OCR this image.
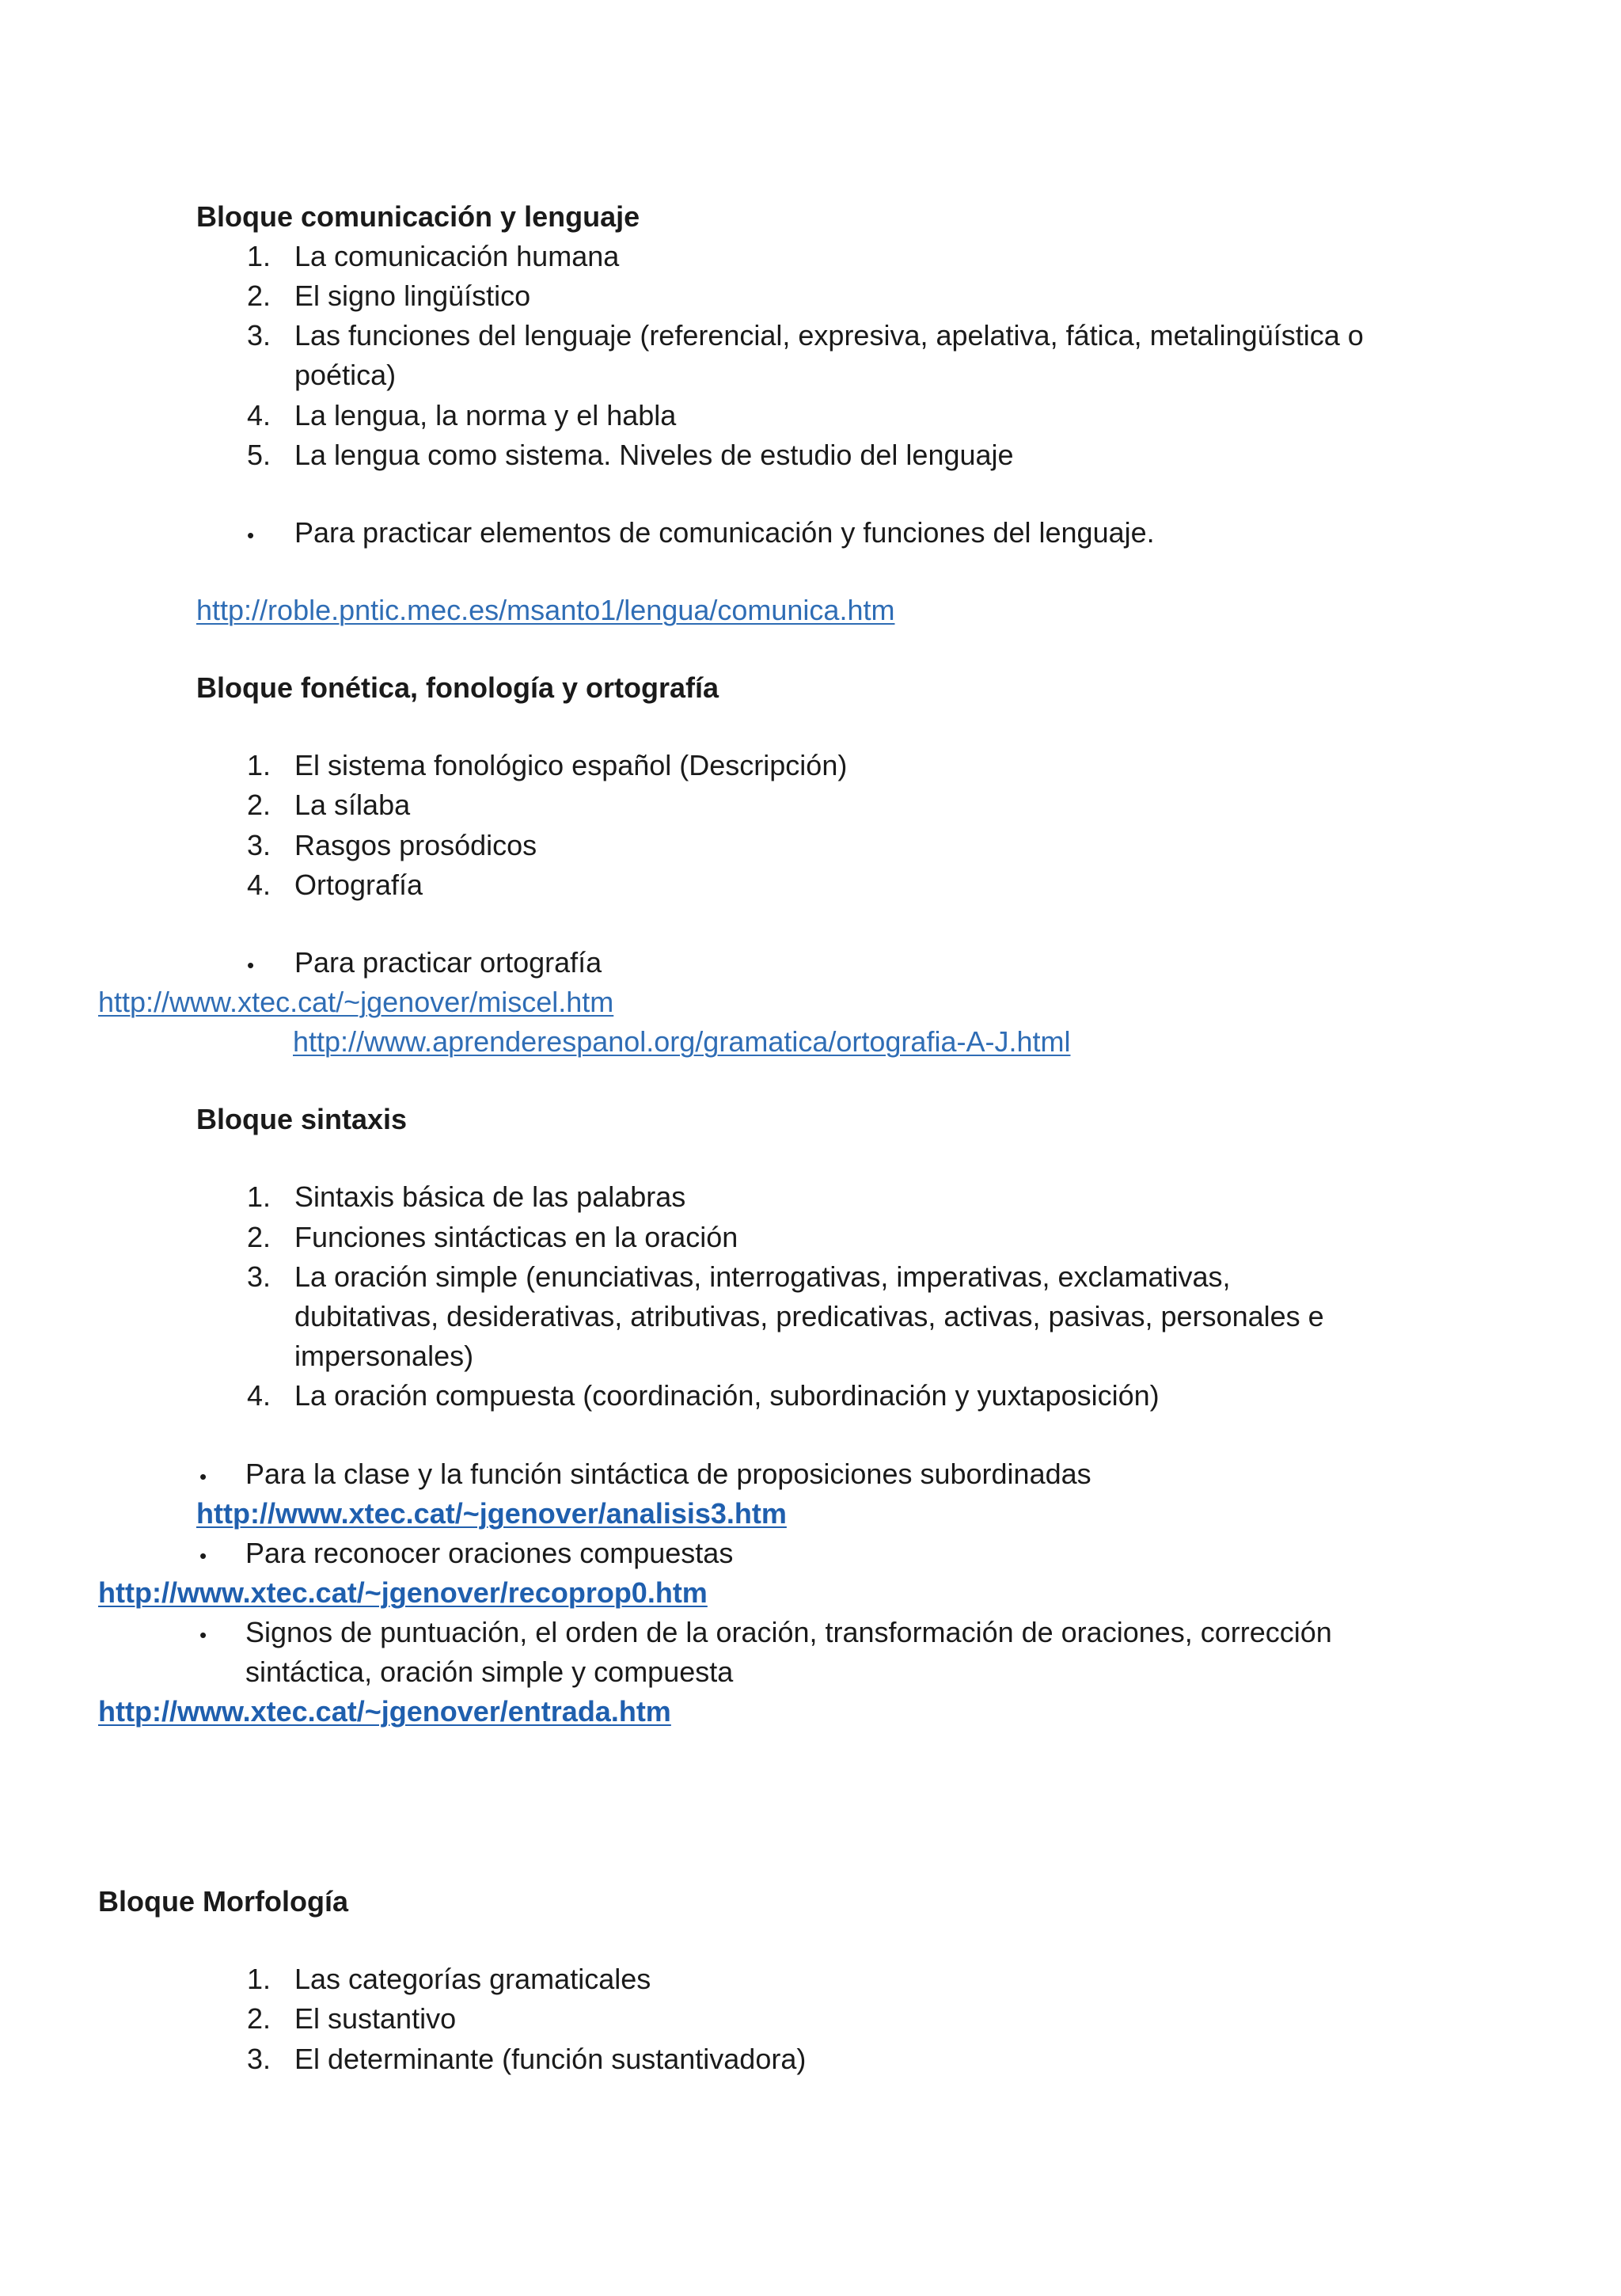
Bloque comunicación y lenguaje
1. La comunicación humana
2. El signo lingüístico
3. Las funciones del lenguaje (referencial, expresiva, apelativa, fática, metalingüística o
poética)
4. La lengua, la norma y el habla
5. La lengua como sistema. Niveles de estudio del lenguaje
• Para practicar elementos de comunicación y funciones del lenguaje.
http://roble.pntic.mec.es/msanto1/lengua/comunica.htm
Bloque fonética, fonología y ortografía
1. El sistema fonológico español (Descripción)
2. La sílaba
3. Rasgos prosódicos
4. Ortografía
• Para practicar ortografía
http://www.xtec.cat/~jgenover/miscel.htm
http://www.aprenderespanol.org/gramatica/ortografia-A-J.html
Bloque sintaxis
1. Sintaxis básica de las palabras
2. Funciones sintácticas en la oración
3. La oración simple (enunciativas, interrogativas, imperativas, exclamativas,
dubitativas, desiderativas, atributivas, predicativas, activas, pasivas, personales e
impersonales)
4. La oración compuesta (coordinación, subordinación y yuxtaposición)
• Para la clase y la función sintáctica de proposiciones subordinadas
http://www.xtec.cat/~jgenover/analisis3.htm
• Para reconocer oraciones compuestas
http://www.xtec.cat/~jgenover/recoprop0.htm
• Signos de puntuación, el orden de la oración, transformación de oraciones, corrección
sintáctica, oración simple y compuesta
http://www.xtec.cat/~jgenover/entrada.htm
Bloque Morfología
1. Las categorías gramaticales
2. El sustantivo
3. El determinante (función sustantivadora)
